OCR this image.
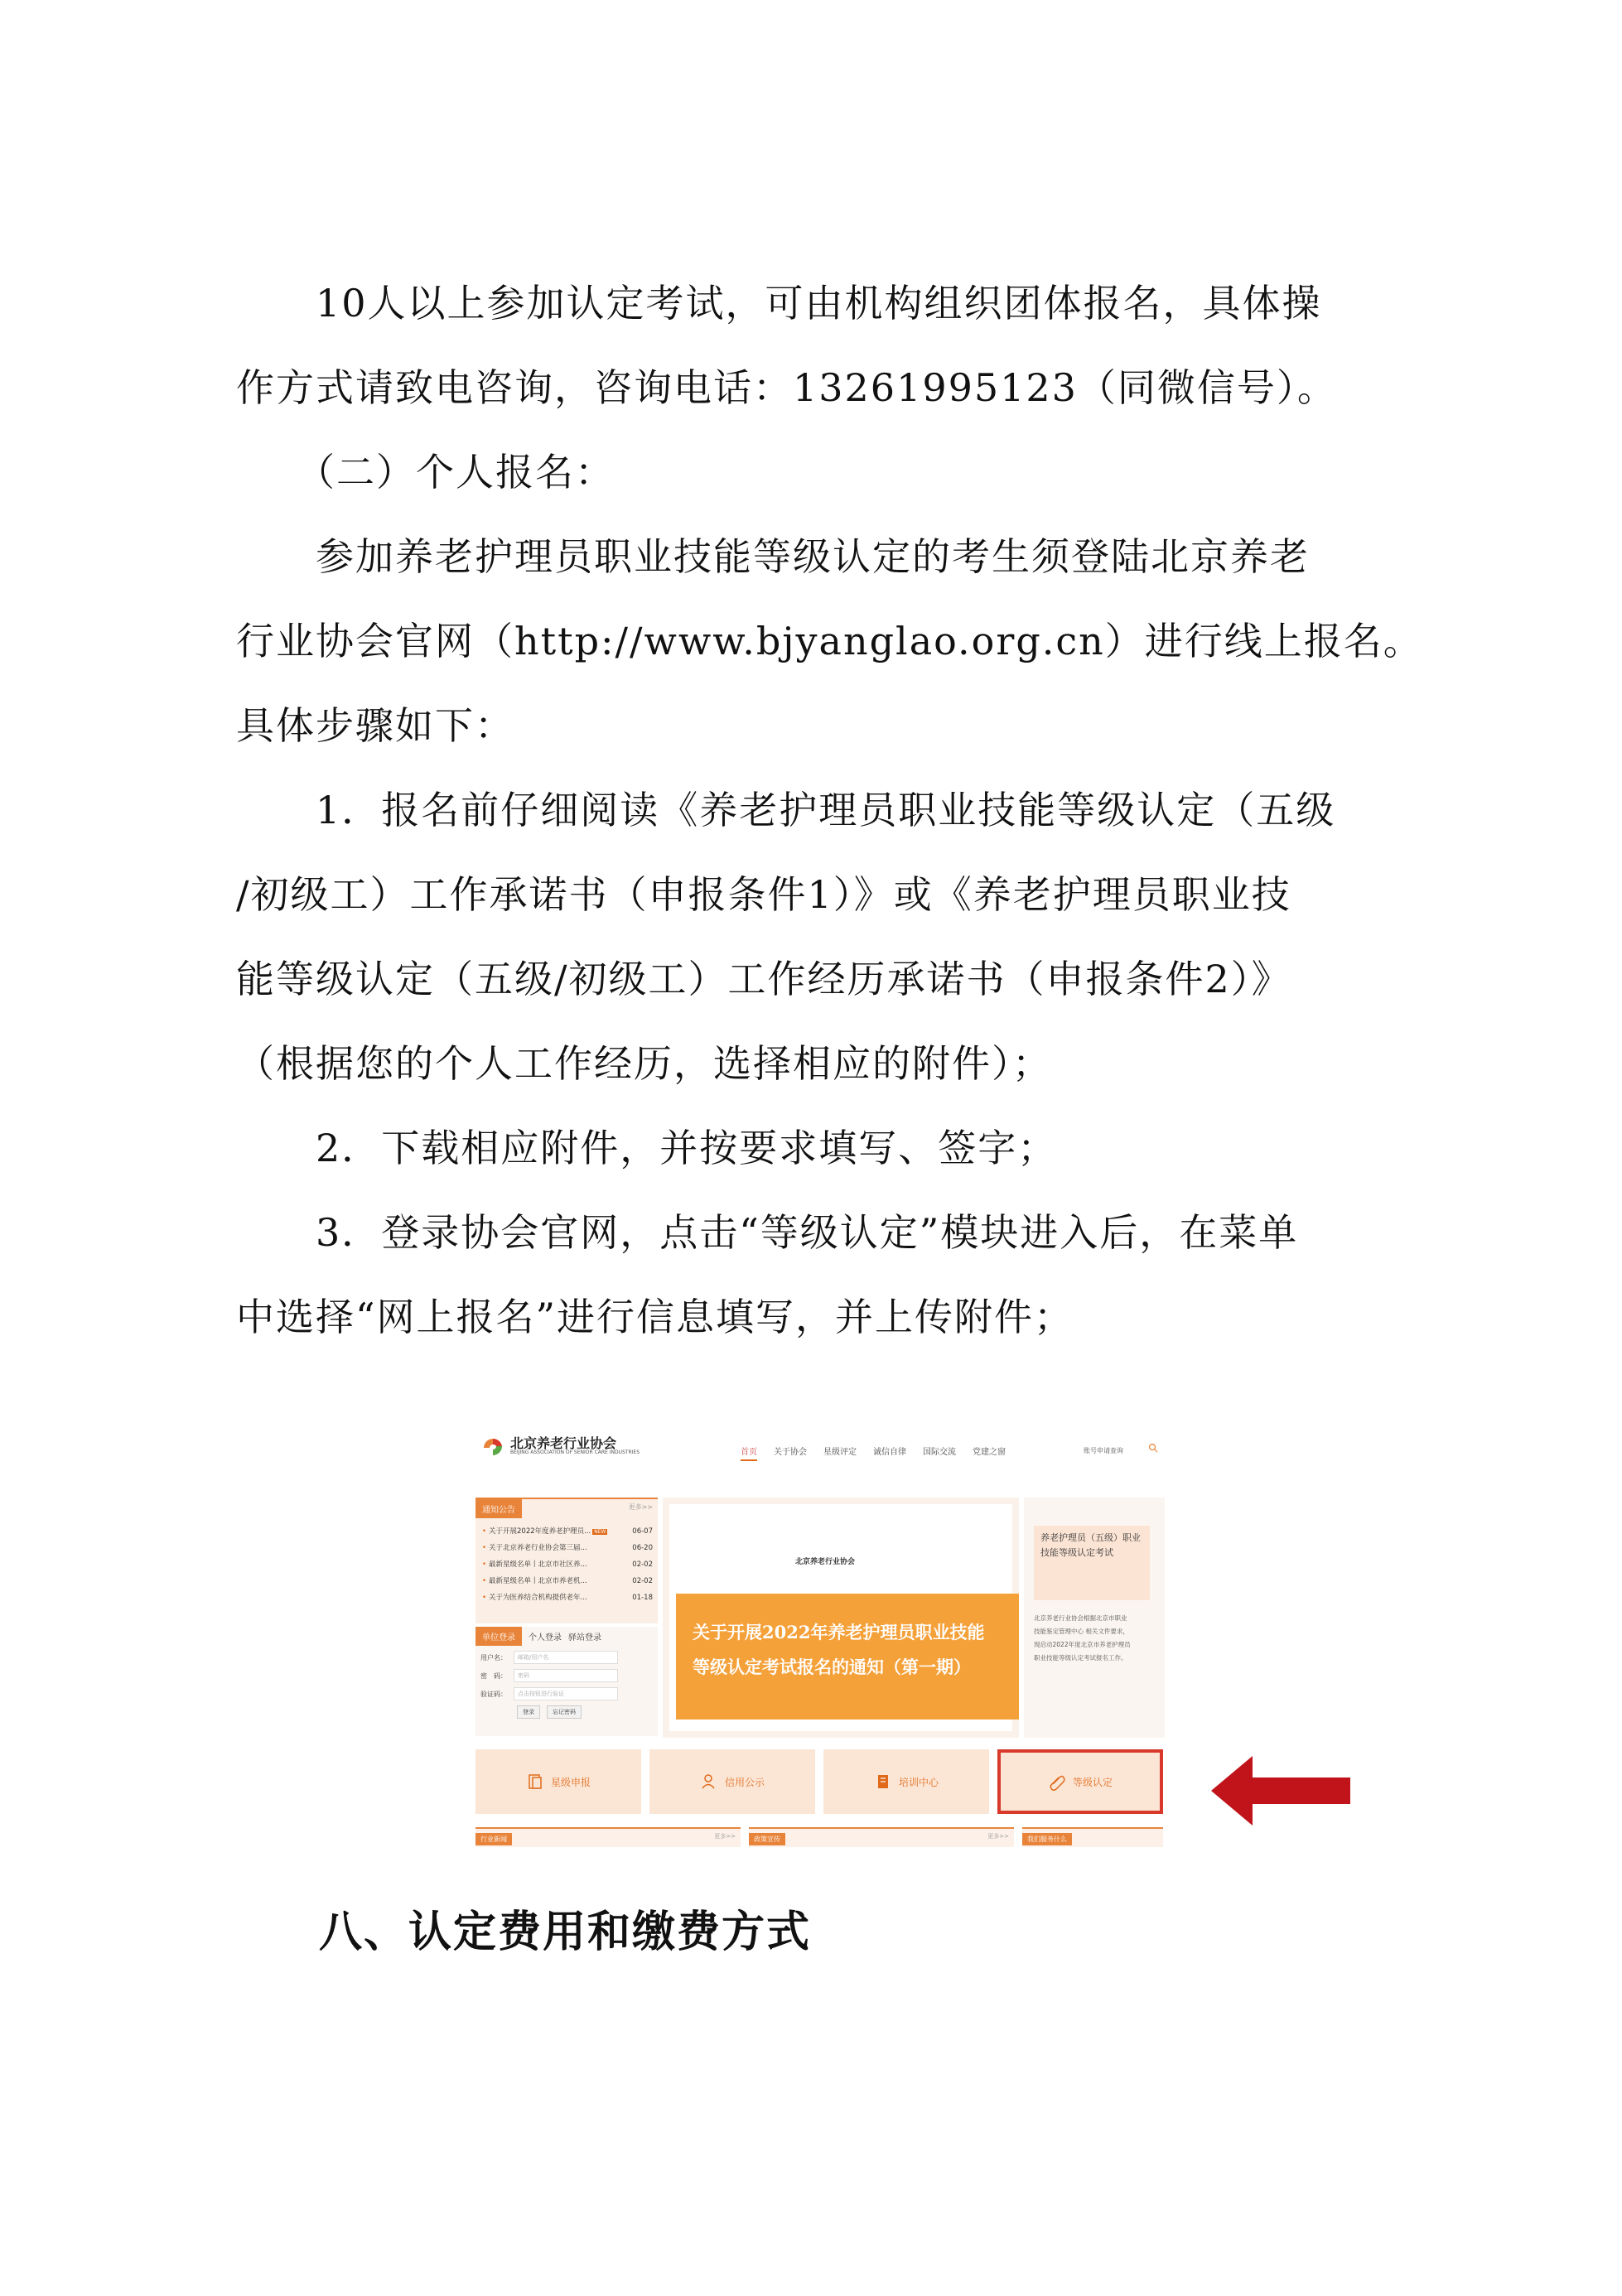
　　10人以上参加认定考试，可由机构组织团体报名，具体操
作方式请致电咨询，咨询电话：13261995123（同微信号）。

　　（二）个人报名：

　　参加养老护理员职业技能等级认定的考生须登陆北京养老
行业协会官网（http://www.bjyanglao.org.cn）进行线上报名。
具体步骤如下：

　　1．报名前仔细阅读《养老护理员职业技能等级认定（五级
/初级工）工作承诺书（申报条件1）》或《养老护理员职业技
能等级认定（五级/初级工）工作经历承诺书（申报条件2）》
（根据您的个人工作经历，选择相应的附件）；

　　2．下载相应附件，并按要求填写、签字；

　　3．登录协会官网，点击“等级认定”模块进入后，在菜单
中选择“网上报名”进行信息填写，并上传附件；

北京养老行业协会
BEIJING ASSOCIATION OF SENIOR CARE INDUSTRIES	首页 关于协会 星级评定 诚信自律 国际交流 党建之窗	账号申请查询
通知公告	更多>>
• 关于开展2022年度养老护理员... NEW	06-07
• 关于北京养老行业协会第三届...	06-20
• 最新星级名单丨北京市社区养...	02-02
• 最新星级名单丨北京市养老机...	02-02
• 关于为医养结合机构提供老年...	01-18
单位登录	个人登录 驿站登录
用户名：	邮箱/用户名
密　码：	密码
验证码：	点击按钮进行验证
登录	忘记密码
北京养老行业协会
关于开展2022年养老护理员职业技能
等级认定考试报名的通知（第一期）
养老护理员（五级）职业技能等级认定考试
北京养老行业协会根据北京市职业
技能鉴定管理中心 相关文件要求，
现启动2022年度北京市养老护理员
职业技能等级认定考试报名工作。
星级申报	信用公示	培训中心	等级认定
行业新闻	更多>>	政策宣传	更多>>	我们服务什么
八、认定费用和缴费方式
